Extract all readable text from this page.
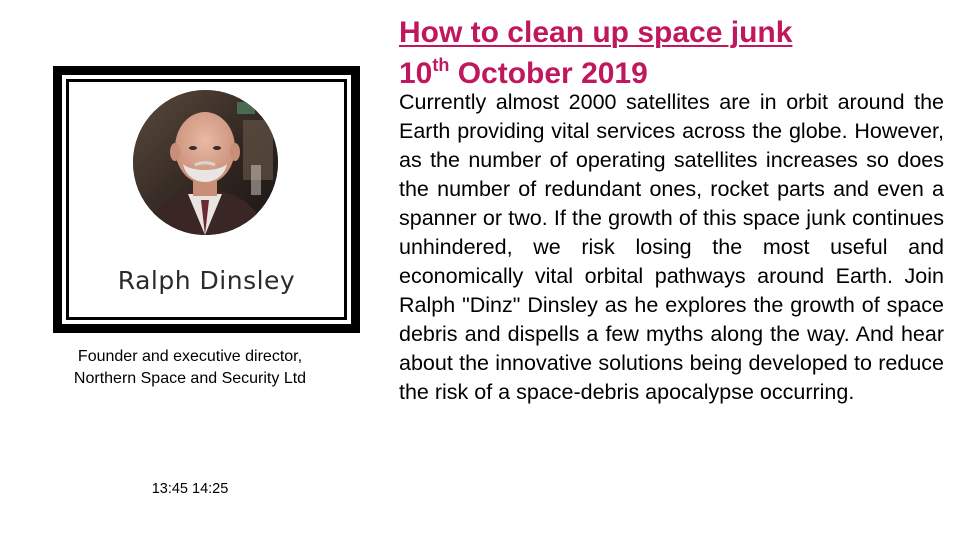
Ralph Dinsley
Founder and executive director,
Northern Space and Security Ltd
13:45 14:25
How to clean up space junk
10th October 2019
Currently almost 2000 satellites are in orbit around the Earth providing vital services across the globe. However, as the number of operating satellites increases so does the number of redundant ones, rocket parts and even a spanner or two. If the growth of this space junk continues unhindered, we risk losing the most useful and economically vital orbital pathways around Earth. Join Ralph "Dinz" Dinsley as he explores the growth of space debris and dispells a few myths along the way. And hear about the innovative solutions being developed to reduce the risk of a space-debris apocalypse occurring.
